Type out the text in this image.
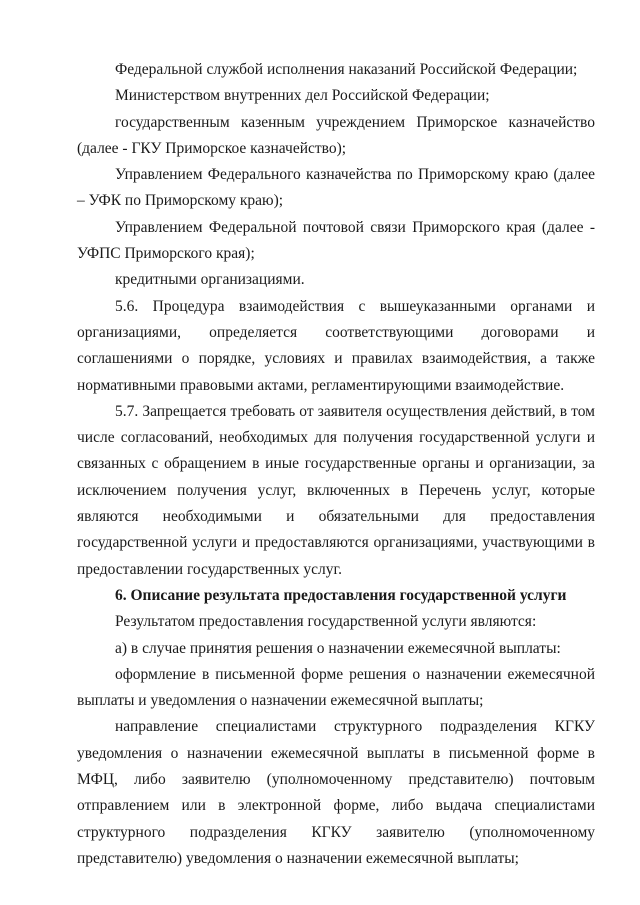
Федеральной службой исполнения наказаний Российской Федерации;

Министерством внутренних дел Российской Федерации;

государственным казенным учреждением Приморское казначейство (далее - ГКУ Приморское казначейство);

Управлением Федерального казначейства по Приморскому краю (далее – УФК по Приморскому краю);

Управлением Федеральной почтовой связи Приморского края (далее - УФПС Приморского края);

кредитными организациями.

5.6. Процедура взаимодействия с вышеуказанными органами и организациями, определяется соответствующими договорами и соглашениями о порядке, условиях и правилах взаимодействия, а также нормативными правовыми актами, регламентирующими взаимодействие.

5.7. Запрещается требовать от заявителя осуществления действий, в том числе согласований, необходимых для получения государственной услуги и связанных с обращением в иные государственные органы и организации, за исключением получения услуг, включенных в Перечень услуг, которые являются необходимыми и обязательными для предоставления государственной услуги и предоставляются организациями, участвующими в предоставлении государственных услуг.

6. Описание результата предоставления государственной услуги

Результатом предоставления государственной услуги являются:

а) в случае принятия решения о назначении ежемесячной выплаты:

оформление в письменной форме решения о назначении ежемесячной выплаты и уведомления о назначении ежемесячной выплаты;

направление специалистами структурного подразделения КГКУ уведомления о назначении ежемесячной выплаты в письменной форме в МФЦ, либо заявителю (уполномоченному представителю) почтовым отправлением или в электронной форме, либо выдача специалистами структурного подразделения КГКУ заявителю (уполномоченному представителю) уведомления о назначении ежемесячной выплаты;
